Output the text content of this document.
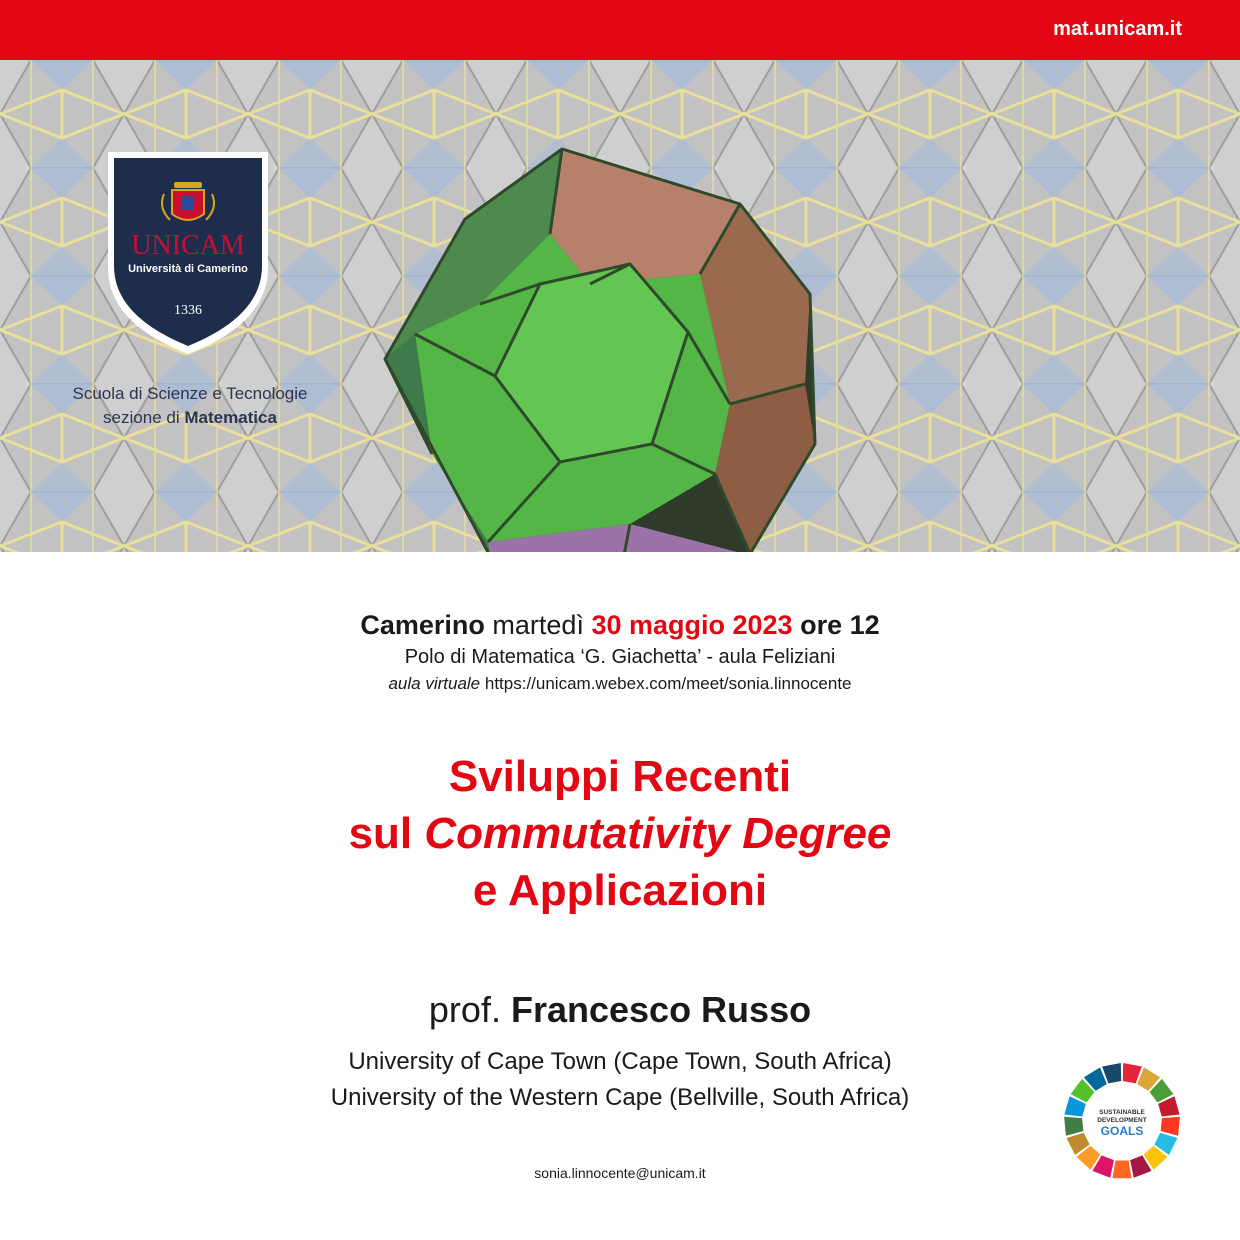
mat.unicam.it
UNICAM
Università di Camerino
1336
Scuola di Scienze e Tecnologie
sezione di Matematica
Camerino martedì 30 maggio 2023 ore 12
Polo di Matematica ‘G. Giachetta’ - aula Feliziani
aula virtuale https://unicam.webex.com/meet/sonia.linnocente
Sviluppi Recenti
sul Commutativity Degree
e Applicazioni
prof. Francesco Russo
University of Cape Town (Cape Town, South Africa)
University of the Western Cape (Bellville, South Africa)
sonia.linnocente@unicam.it
SUSTAINABLE
DEVELOPMENT
GOALS
